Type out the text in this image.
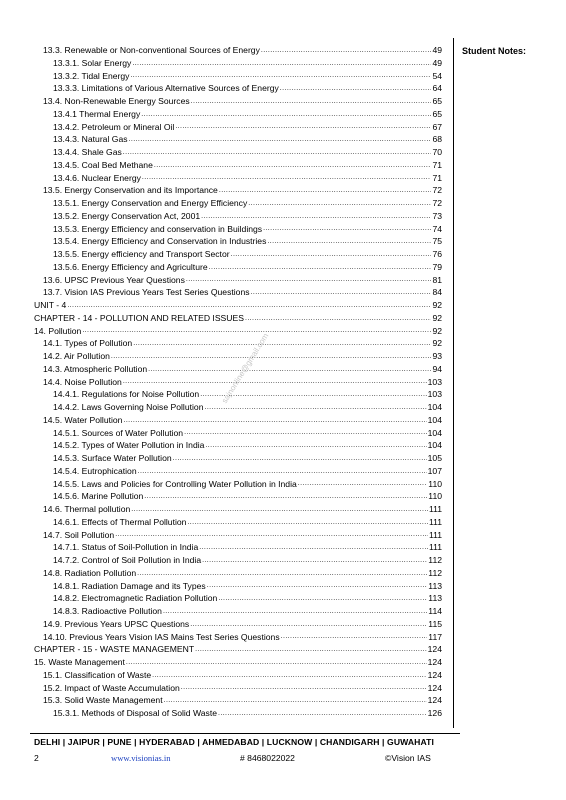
13.3. Renewable or Non-conventional Sources of Energy .....	49
13.3.1. Solar Energy .....	49
13.3.2. Tidal Energy .....	54
13.3.3. Limitations of Various Alternative Sources of Energy .....	64
13.4. Non-Renewable Energy Sources .....	65
13.4.1 Thermal Energy .....	65
13.4.2. Petroleum or Mineral Oil .....	67
13.4.3. Natural Gas .....	68
13.4.4. Shale Gas .....	70
13.4.5. Coal Bed Methane .....	71
13.4.6. Nuclear Energy .....	71
13.5. Energy Conservation and its Importance .....	72
13.5.1. Energy Conservation and Energy Efficiency .....	72
13.5.2. Energy Conservation Act, 2001 .....	73
13.5.3. Energy Efficiency and conservation in Buildings .....	74
13.5.4. Energy Efficiency and Conservation in Industries .....	75
13.5.5. Energy efficiency and Transport Sector .....	76
13.5.6. Energy Efficiency and Agriculture .....	79
13.6. UPSC Previous Year Questions .....	81
13.7. Vision IAS Previous Years Test Series Questions .....	84
UNIT - 4 .....	92
CHAPTER - 14 - POLLUTION AND RELATED ISSUES .....	92
14. Pollution .....	92
14.1. Types of Pollution .....	92
14.2. Air Pollution .....	93
14.3. Atmospheric Pollution .....	94
14.4. Noise Pollution .....	103
14.4.1. Regulations for Noise Pollution .....	103
14.4.2. Laws Governing Noise Pollution .....	104
14.5. Water Pollution .....	104
14.5.1. Sources of Water Pollution .....	104
14.5.2. Types of Water Pollution in India .....	104
14.5.3. Surface Water Pollution .....	105
14.5.4. Eutrophication .....	107
14.5.5. Laws and Policies for Controlling Water Pollution in India .....	110
14.5.6. Marine Pollution .....	110
14.6. Thermal pollution .....	111
14.6.1. Effects of Thermal Pollution .....	111
14.7. Soil Pollution .....	111
14.7.1. Status of Soil-Pollution in India .....	111
14.7.2. Control of Soil Pollution in India .....	112
14.8. Radiation Pollution .....	112
14.8.1. Radiation Damage and its Types .....	113
14.8.2. Electromagnetic Radiation Pollution .....	113
14.8.3. Radioactive Pollution .....	114
14.9. Previous Years UPSC Questions .....	115
14.10. Previous Years Vision IAS Mains Test Series Questions .....	117
CHAPTER - 15 - WASTE MANAGEMENT .....	124
15. Waste Management .....	124
15.1. Classification of Waste .....	124
15.2. Impact of Waste Accumulation .....	124
15.3. Solid Waste Management .....	124
15.3.1. Methods of Disposal of Solid Waste .....	126
Student Notes:
sajnonline@gmail.com
DELHI | JAIPUR | PUNE | HYDERABAD | AHMEDABAD | LUCKNOW | CHANDIGARH | GUWAHATI
2	www.visionias.in	# 8468022022	©Vision IAS
